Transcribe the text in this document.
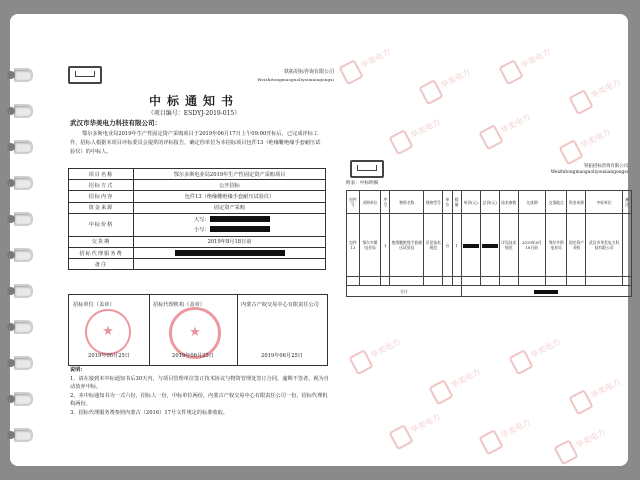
华美电力
华美电力
华美电力
华美电力
华美电力	华美电力
华美电力
华美电力
华美电力
华美电力
华美电力
华美电力	华美电力	华美电力
铁拓招标咨询有限公司
Weizhitongmaoguoliyouxiangongsi
中标通知书
（项目编号：ESDYJ-2019-015）
武汉市华美电力科技有限公司：
鄂尔多斯电业局2019年生产性固定资产采购项目于2019年06月17日上午09:00开标后，已完成评标工作，招标人根据本项目评标委员会提供的评标报告，确定你单位为本招标项目包件13（绝缘靴绝缘手套耐压试验仪）的中标人。
项目名称	鄂尔多斯电业局2019年生产性固定资产采购项目
招标方式	公开招标
招标内容	包件13（绝缘靴绝缘手套耐压试验仪）
资金来源	固定资产采购
中标价格	大写：
小写：
交货期	2019年8月18日前
招标代理服务费	
备注	
招标单位（盖章）
★
2019年06月25日
招标代理机构（盖章）
★
2019年06月25日
内蒙古产权交易中心有限责任公司
2019年06月25日
说明：
1、请在接到本中标通知书后30天内，与项目管理单位签订技术协议与物资管理处签订合同。逾期不签者，视为自动放弃中标。
2、本中标通知书为一式六份，招标人一份，中标单位两份，内蒙古产权交易中心有限责任公司一份，招标代理机构两份。
3、招标代理服务费参照内蒙古（2016）17号文件规定的标准收取。
铁拓招标咨询有限公司
Weizhitongmaoguoliyouxiangongsi
附表：中标明细
包件号	采购单位	序号	物资名称	规格型号	单位	数量	单价(元)	总价(元)	技术参数	交货期	交货地点	资金来源	中标单位	备注
包件13	鄂尔多斯电业局	1	绝缘靴绝缘手套耐压试验仪	详见技术规范	台	1			详见技术规范	2019年8月18日前	鄂尔多斯电业局	固定资产采购	武汉市华美电力科技有限公司	

合计														
